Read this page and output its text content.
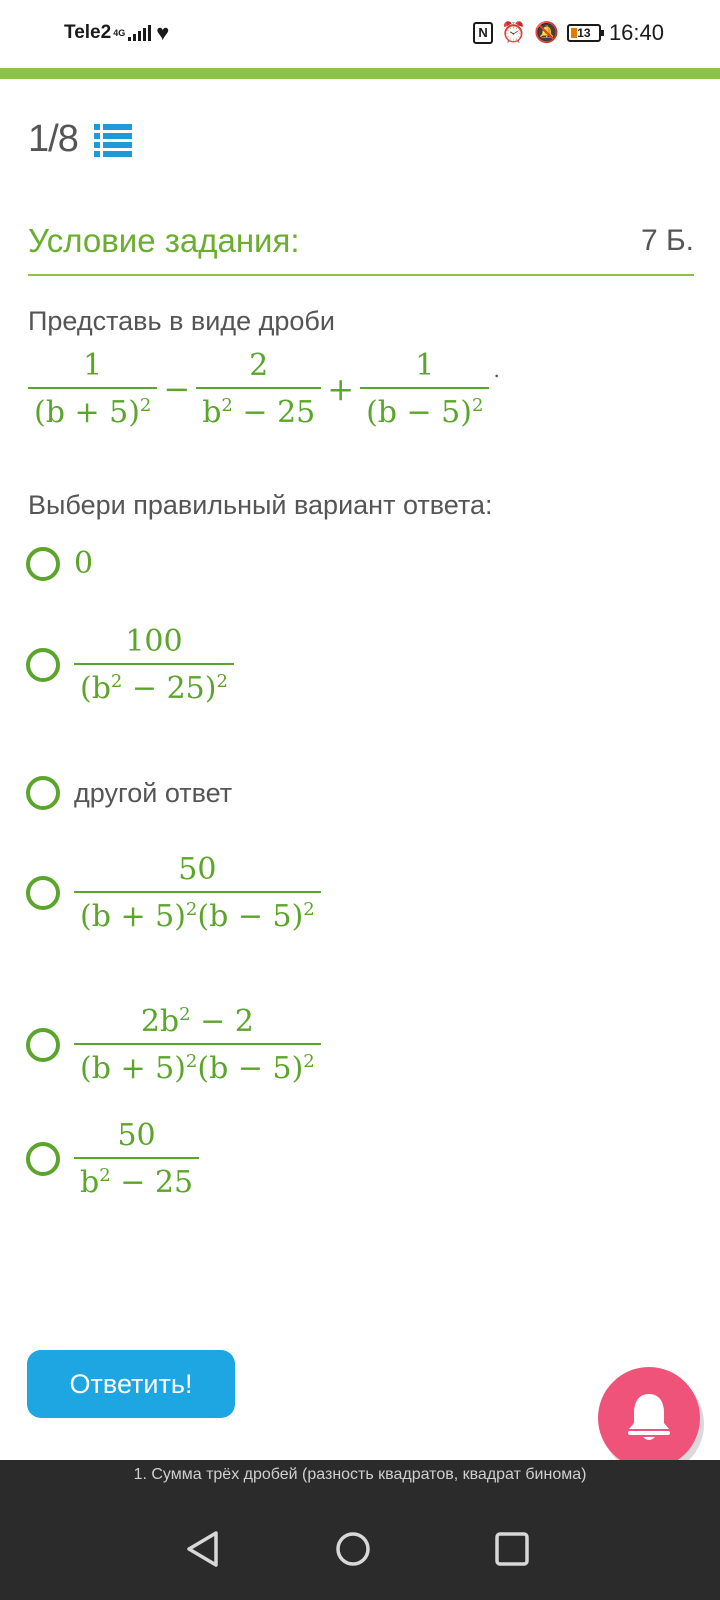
Tele2 4G ♥	N ⏰ 🔕	13 16:40
1/8
Условие задания:	7 Б.
Представь в виде дроби
$\frac{1}{(b + 5)^2} - \frac{2}{b^2 - 25} + \frac{1}{(b - 5)^2}$ .
Выбери правильный вариант ответа:
0
$\frac{100}{(b^2 - 25)^2}$
другой ответ
$\frac{50}{(b + 5)^2(b - 5)^2}$
$\frac{2b^2 - 2}{(b + 5)^2(b - 5)^2}$
$\frac{50}{b^2 - 25}$
Ответить!
1. Сумма трёх дробей (разность квадратов, квадрат бинома)
